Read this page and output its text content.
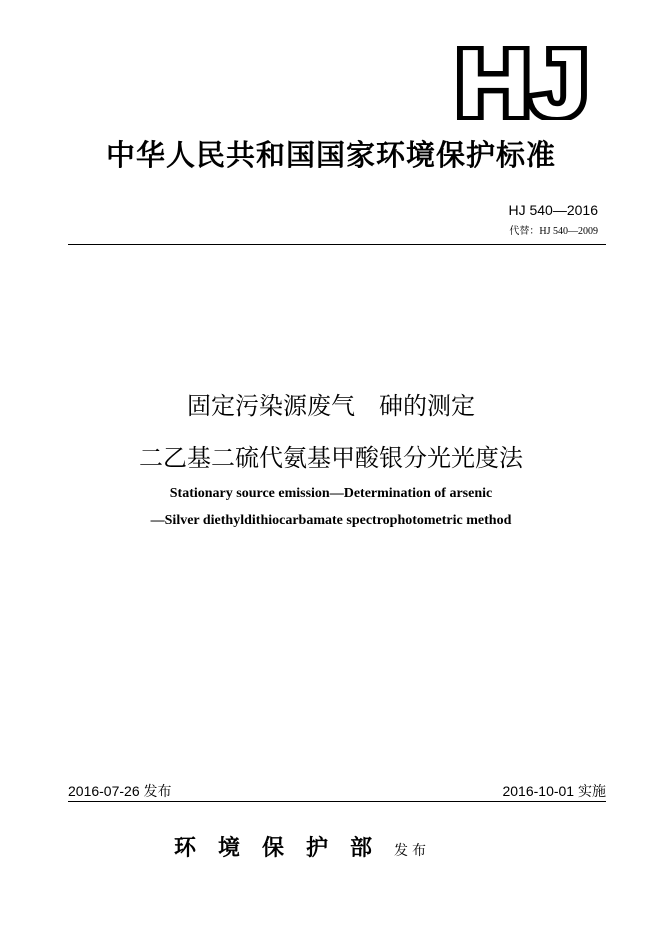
HJ
中华人民共和国国家环境保护标准
HJ 540—2016
代替：HJ 540—2009
固定污染源废气　砷的测定
二乙基二硫代氨基甲酸银分光光度法
Stationary source emission—Determination of arsenic
—Silver diethyldithiocarbamate spectrophotometric method
2016-07-26 发布	2016-10-01 实施
环境保护部发布
